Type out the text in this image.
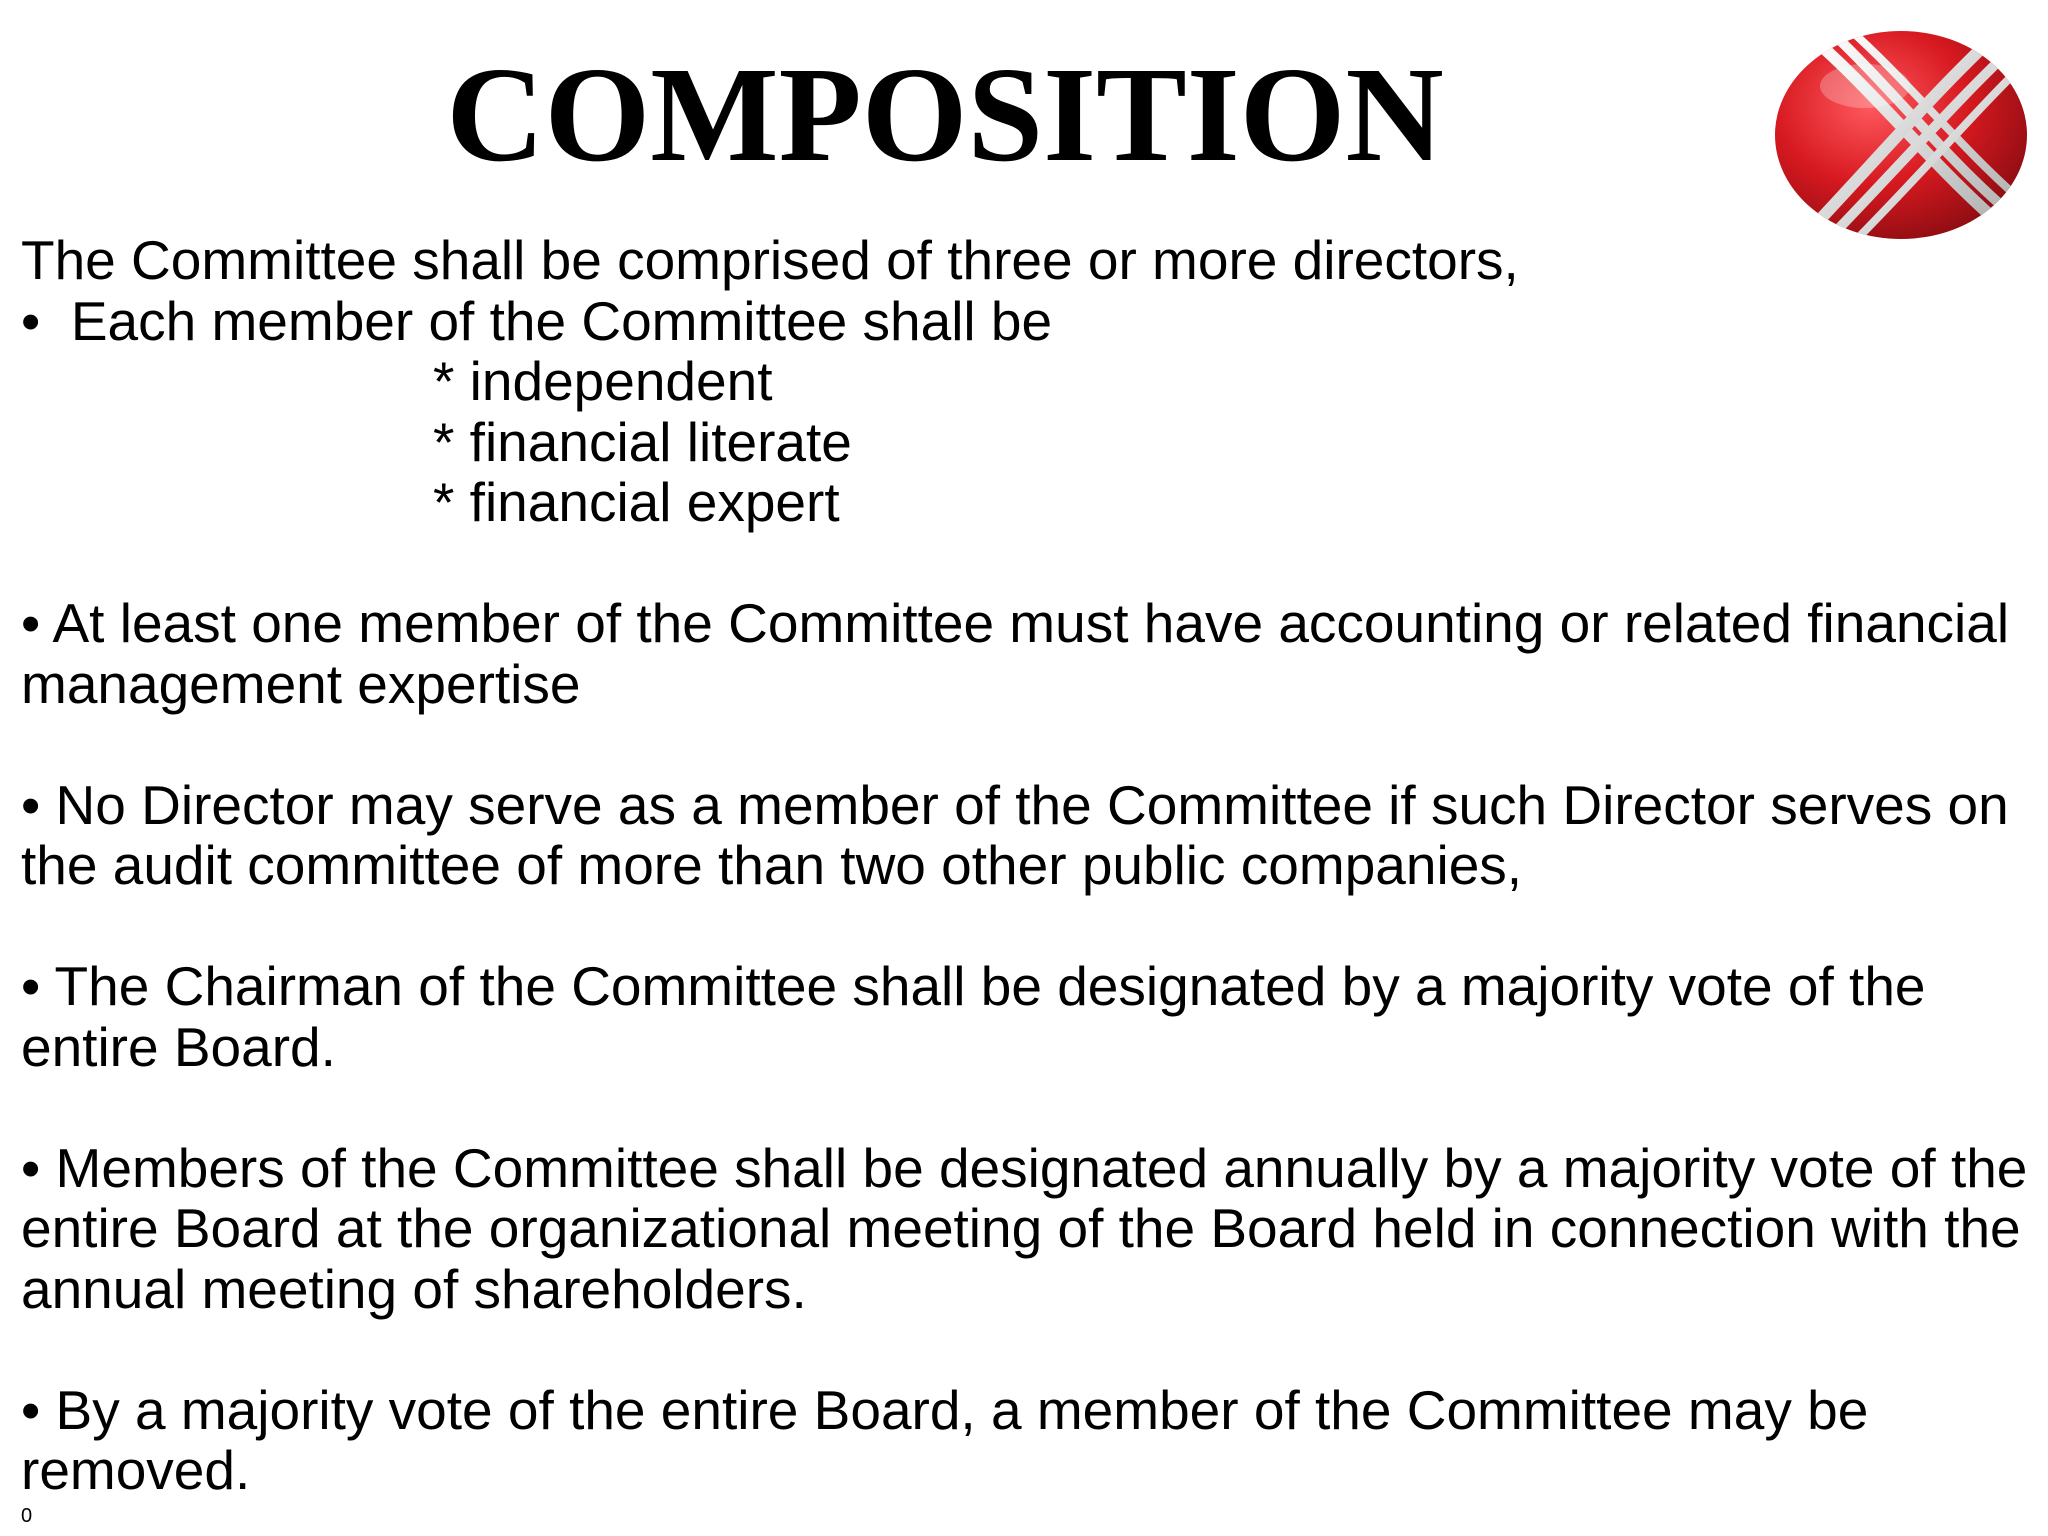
COMPOSITION
The Committee shall be comprised of three or more directors,
• Each member of the Committee shall be
* independent
* financial literate
* financial expert
• At least one member of the Committee must have accounting or related financial management expertise
• No Director may serve as a member of the Committee if such Director serves on the audit committee of more than two other public companies,
• The Chairman of the Committee shall be designated by a majority vote of the entire Board.
• Members of the Committee shall be designated annually by a majority vote of the entire Board at the organizational meeting of the Board held in connection with the annual meeting of shareholders.
• By a majority vote of the entire Board, a member of the Committee may be removed.
0
